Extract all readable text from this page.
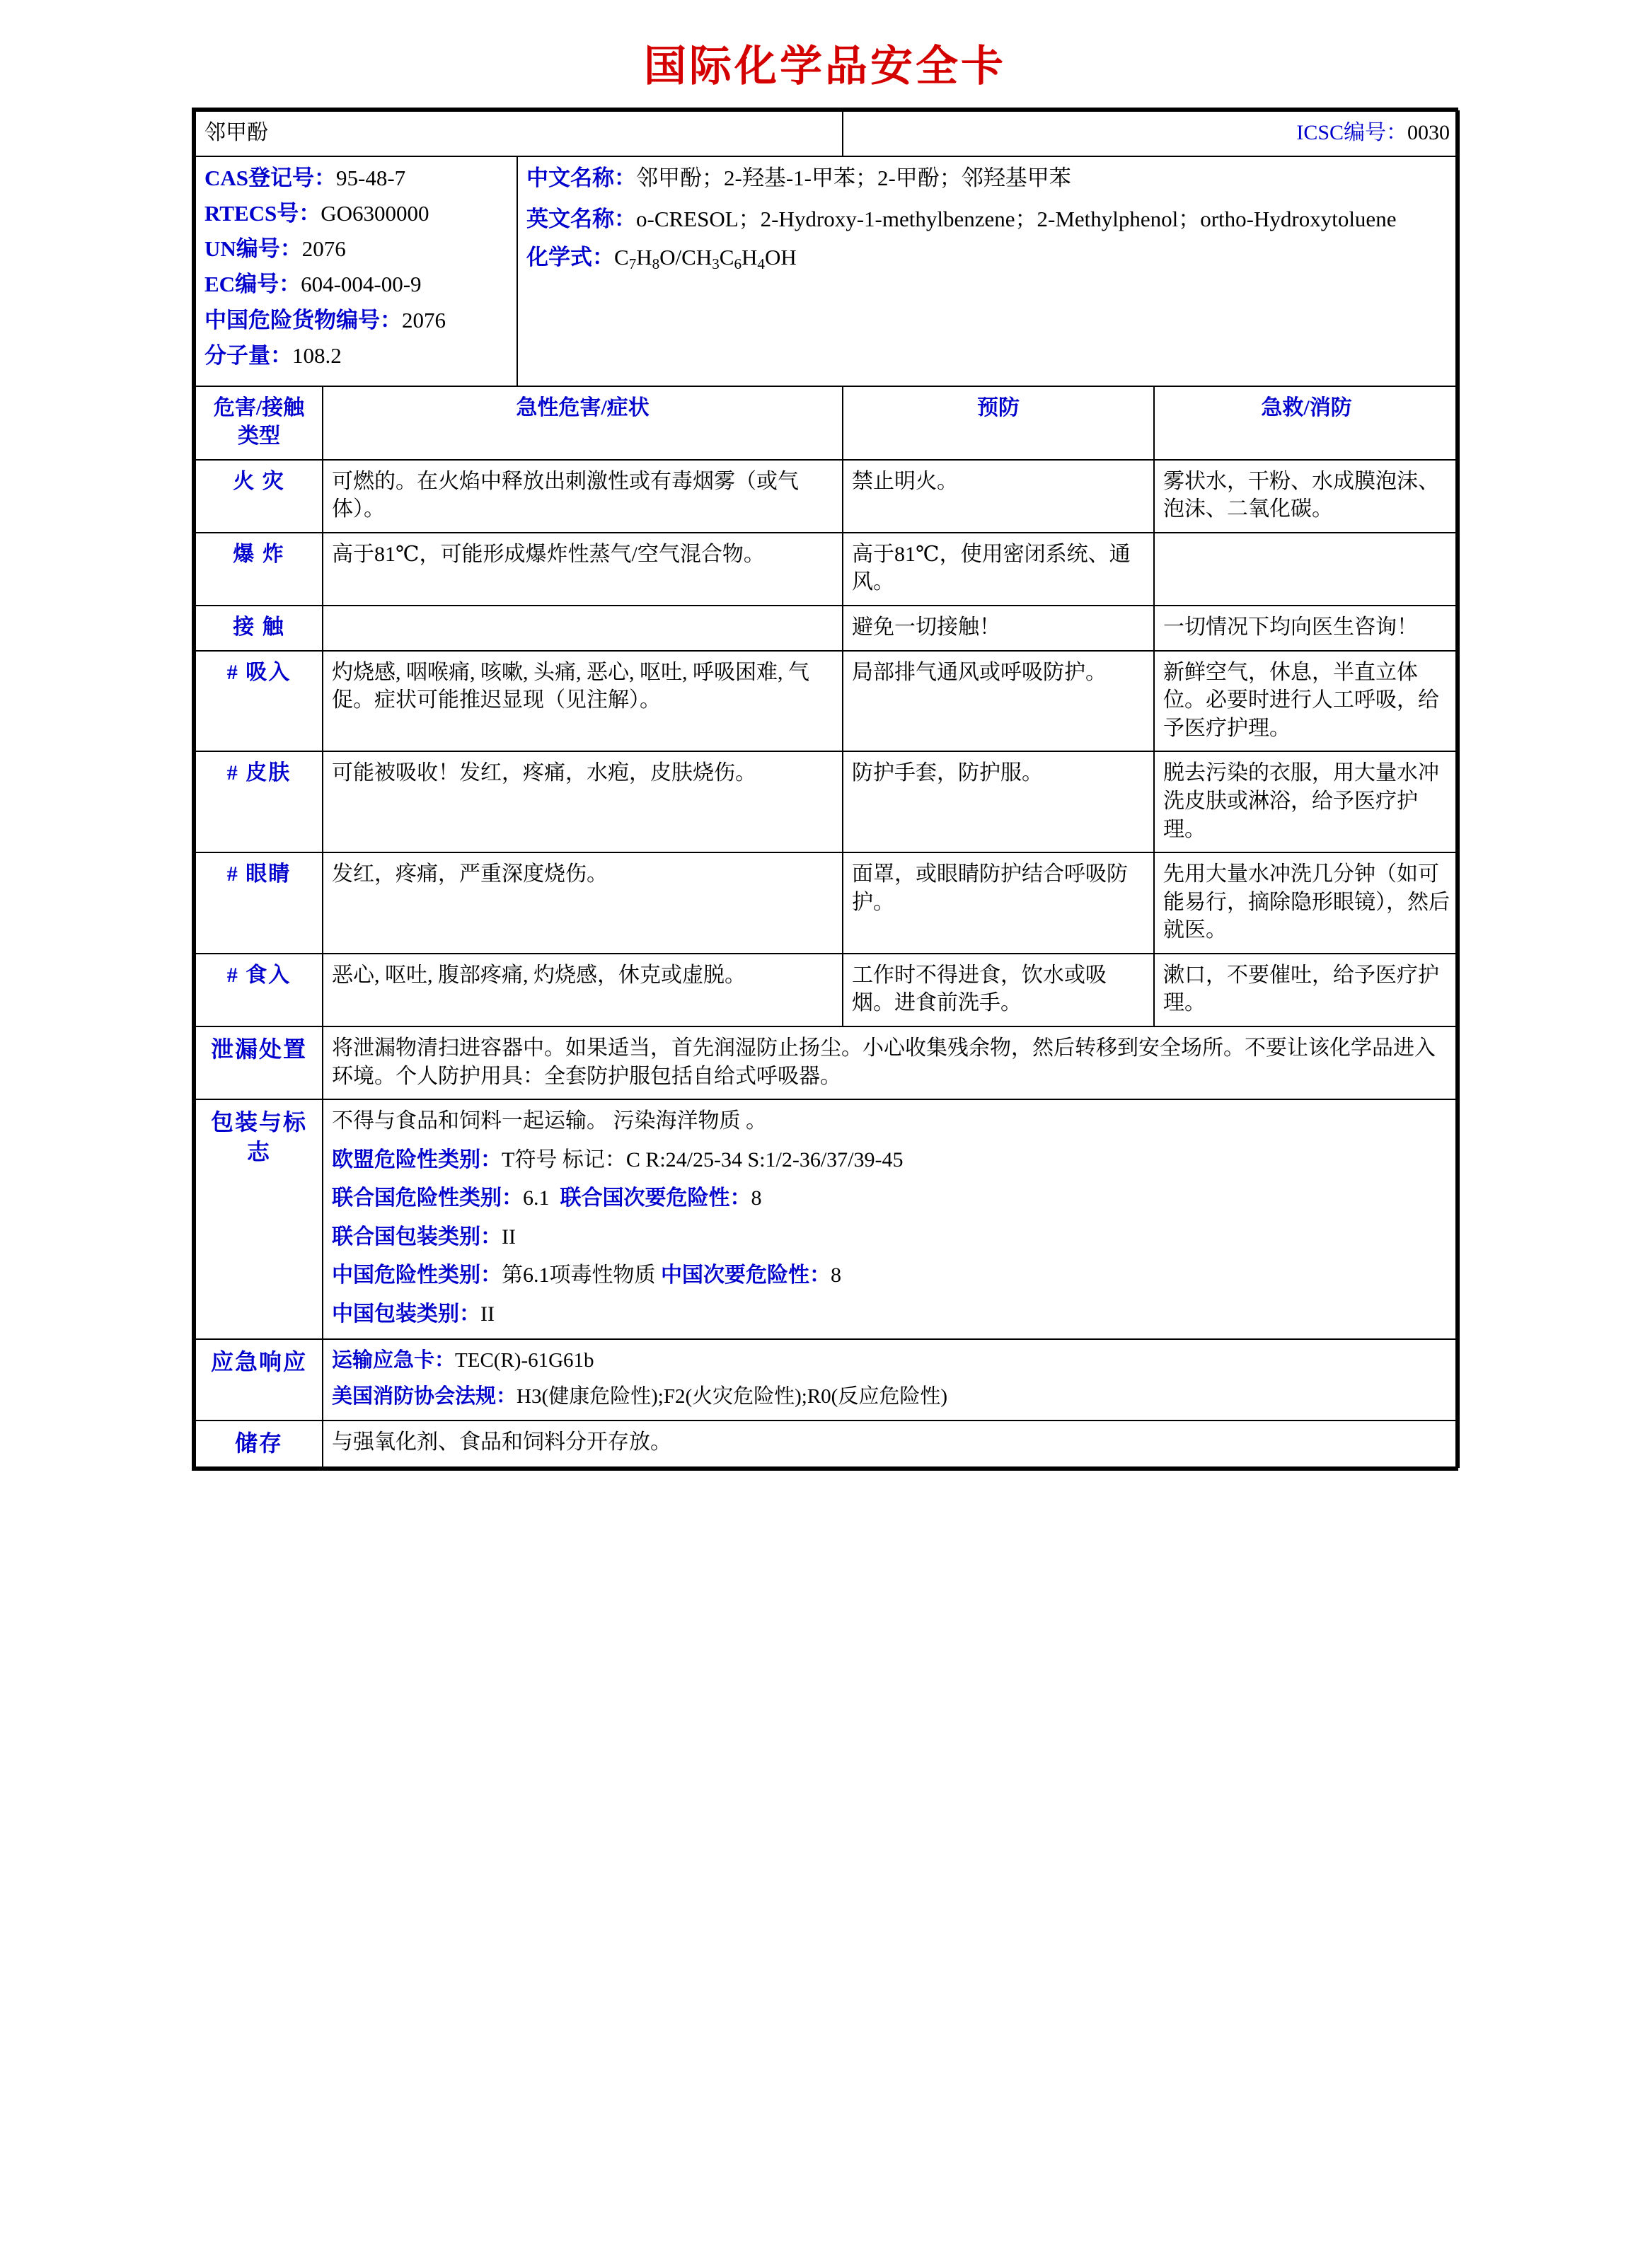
国际化学品安全卡
邻甲酚			ICSC编号：0030	

CAS登记号：95-48-7

RTECS号：GO6300000

UN编号：2076

EC编号：604-004-00-9

中国危险货物编号：2076

分子量：108.2

中文名称：邻甲酚；2-羟基-1-甲苯；2-甲酚；邻羟基甲苯

英文名称：o-CRESOL；2-Hydroxy-1-methylbenzene；2-Methylphenol；ortho-Hydroxytoluene

化学式：$C_7H_8O/CH_3C_6H_4OH$

危害/接触类型	急性危害/症状		预防	急救/消防
火 灾	可燃的。在火焰中释放出刺激性或有毒烟雾（或气体）。		禁止明火。	雾状水，干粉、水成膜泡沫、泡沫、二氧化碳。
爆 炸	高于81℃，可能形成爆炸性蒸气/空气混合物。		高于81℃，使用密闭系统、通风。	
接 触			避免一切接触！	一切情况下均向医生咨询！
# 吸入	灼烧感, 咽喉痛, 咳嗽, 头痛, 恶心, 呕吐, 呼吸困难, 气促。症状可能推迟显现（见注解）。		局部排气通风或呼吸防护。	新鲜空气，休息，半直立体位。必要时进行人工呼吸，给予医疗护理。
# 皮肤	可能被吸收！发红，疼痛，水疱，皮肤烧伤。		防护手套，防护服。	脱去污染的衣服，用大量水冲洗皮肤或淋浴，给予医疗护理。
# 眼睛	发红，疼痛，严重深度烧伤。		面罩，或眼睛防护结合呼吸防护。	先用大量水冲洗几分钟（如可能易行，摘除隐形眼镜），然后就医。
# 食入	恶心, 呕吐, 腹部疼痛, 灼烧感，休克或虚脱。		工作时不得进食，饮水或吸烟。进食前洗手。	漱口，不要催吐，给予医疗护理。
泄漏处置	将泄漏物清扫进容器中。如果适当，首先润湿防止扬尘。小心收集残余物，然后转移到安全场所。不要让该化学品进入环境。个人防护用具：全套防护服包括自给式呼吸器。			
包装与标志	

不得与食品和饲料一起运输。 污染海洋物质 。

欧盟危险性类别：T符号 标记：C R:24/25-34 S:1/2-36/37/39-45

联合国危险性类别：6.1 联合国次要危险性：8

联合国包装类别：II

中国危险性类别：第6.1项毒性物质 中国次要危险性：8

中国包装类别：II

应急响应	运输应急卡：TEC(R)-61G61b

美国消防协会法规：H3(健康危险性);F2(火灾危险性);R0(反应危险性)			

储存	与强氧化剂、食品和饲料分开存放。			
